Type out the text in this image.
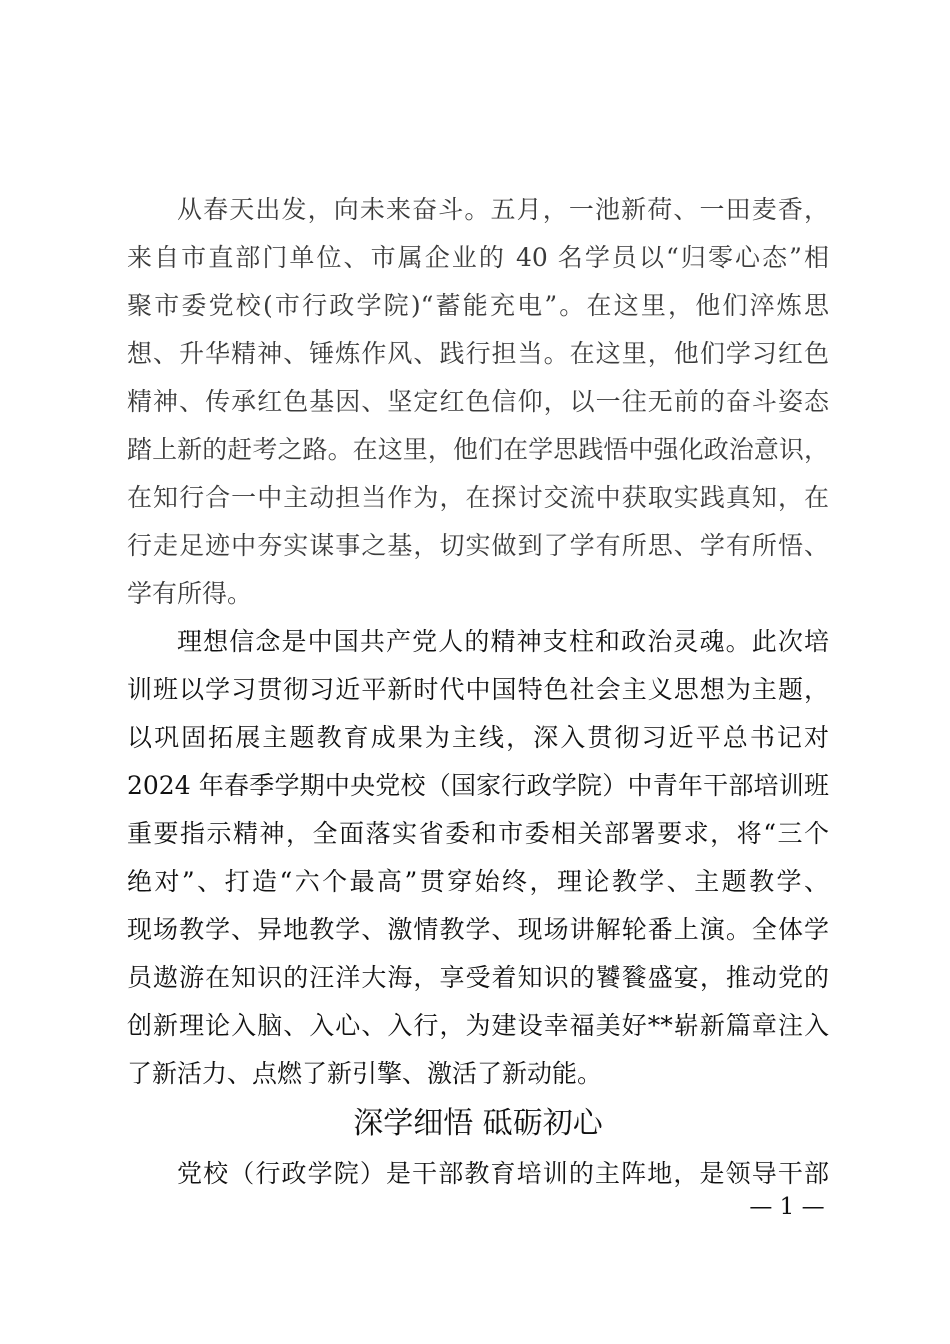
从春天出发，向未来奋斗。五月，一池新荷、一田麦香，
来自市直部门单位、市属企业的 40 名学员以“归零心态”相
聚市委党校(市行政学院)“蓄能充电”。在这里，他们淬炼思
想、升华精神、锤炼作风、践行担当。在这里，他们学习红色
精神、传承红色基因、坚定红色信仰，以一往无前的奋斗姿态
踏上新的赶考之路。在这里，他们在学思践悟中强化政治意识，
在知行合一中主动担当作为，在探讨交流中获取实践真知，在
行走足迹中夯实谋事之基，切实做到了学有所思、学有所悟、
学有所得。
理想信念是中国共产党人的精神支柱和政治灵魂。此次培
训班以学习贯彻习近平新时代中国特色社会主义思想为主题，
以巩固拓展主题教育成果为主线，深入贯彻习近平总书记对
2024 年春季学期中央党校（国家行政学院）中青年干部培训班
重要指示精神，全面落实省委和市委相关部署要求，将“三个
绝对”、打造“六个最高”贯穿始终，理论教学、主题教学、
现场教学、异地教学、激情教学、现场讲解轮番上演。全体学
员遨游在知识的汪洋大海，享受着知识的饕餮盛宴，推动党的
创新理论入脑、入心、入行，为建设幸福美好**崭新篇章注入
了新活力、点燃了新引擎、激活了新动能。
深学细悟 砥砺初心
党校（行政学院）是干部教育培训的主阵地，是领导干部
— 1 —
